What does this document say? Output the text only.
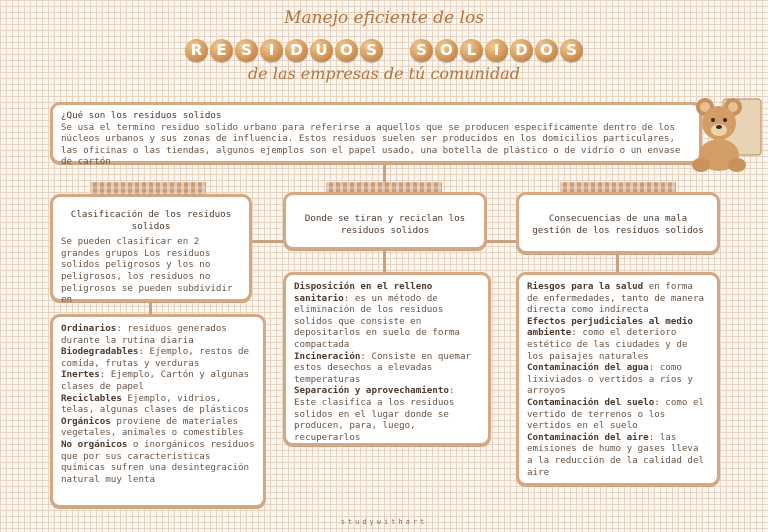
Manejo eficiente de los
R E S I D U O S	S O L I D O S
de las empresas de tú comunidad
¿Qué son los residuos solidos
Se usa el termino residuo solido urbano para referirse a aquellos que se producen especificamente dentro de los núcleos urbanos y sus zonas de influencia. Estos residuos suelen ser producidos en los domicilios particulares, las oficinas o las tiendas, algunos ejemplos son el papel usado, una botella de plástico o de vidrio o un envase de cartón
Clasificación de los residuos solidos
Se pueden clasificar en 2 grandes grupos Los residuos solidos peligrosos y los no peligrosos, los residuos no peligrosos se pueden subdividir en
Ordinarios: residuos generados durante la rutina diaria
Biodegradables: Ejemplo, restos de comida, frutas y verduras
Inertes: Ejemplo, Cartón y algunas clases de papel
Reciclables Ejemplo, vidrios, telas, algunas clases de plásticos
Orgánicos proviene de materiales vegetales, animales o comestibles
No orgánicos o inorgánicos residuos que por sus caracteristicas químicas sufren una desintegración natural muy lenta
Donde se tiran y reciclan los residuos solidos
Disposición en el relleno sanitario: es un método de eliminación de los residuos solidos que consiste en depositarlos en suelo de forma compactada
Incineración: Consiste en quemar estos desechos a elevadas temperaturas
Separación y aprovechamiento: Este clasifica a los residuos solidos en el lugar donde se producen, para, luego, recuperarlos
Consecuencias de una mala gestión de los residuos solidos
Riesgos para la salud en forma de enfermedades, tanto de manera directa como indirecta
Efectos perjudiciales al medio ambiente: como el deterioro estético de las ciudades y de los paisajes naturales
Contaminación del agua: como lixiviados o vertidos a ríos y arroyos
Contaminación del suelo: como el vertido de terrenos o los vertidos en el suelo
Contaminación del aire: las emisiones de humo y gases lleva a la reducción de la calidad del aire
studywithart
